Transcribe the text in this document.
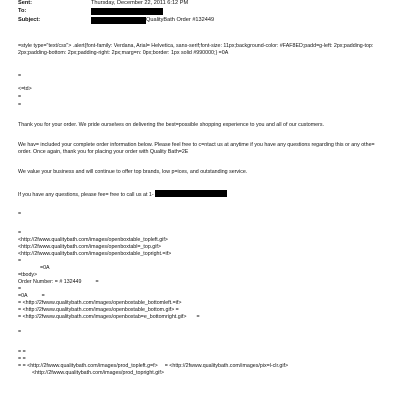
Sent:	Thursday, December 22, 2011 6:12 PM
To:
Subject:	QualityBath Order #132449
=style type="text/css"> .alert{font-family: Verdana, Arial= Helvetica, sans-serif;font-size: 11px;background-color: #FAF8ED;padd=g-left: 2px;padding-top: 2px;padding-bottom: 2px;padding-right: 2px;marg=n: 0px;border: 1px solid #990000;} =0A
=
<=td>
=
=
Thank you for your order. We pride ourselves on delivering the best=possible shopping experience to you and all of our customers.
We hav= included your complete order information below. Please feel free to c=ntact us at anytime if you have any questions regarding this or any othe= order. Once again, thank you for placing your order with Quality Bath=2E
We value your business and will continue to offer top brands, low p=ices, and outstanding service.
If you have any questions, please fee= free to call us at 1-
=
=
<http://2fwww.qualitybath.com/images/openboxtable_topleft.gif>
<http://2fwww.qualitybath.com/images/openboxtabl=_top.gif>
<http://2fwww.qualitybath.com/images/openboxtable_topright.=if>
=
=0A
=tbody>
Order Number: = # 132449	=
=
=0A	=
= <http://2fwww.qualitybath.com/images/openboxtable_bottomleft.=if>
= <http://2fwww.qualitybath.com/images/openboxtable_bottom.gif> =
= <http://2fwww.qualitybath.com/images/openboxtab=e_bottomright.gif> =
=
= =
= =
= = <http://2fwww.qualitybath.com/images/prod_topleft.g=f> = <http://2fwww.qualitybath.com/images/pix=l-clr.gif>
<http://2fwww.qualitybath.com/images/prod_topright.gif>
